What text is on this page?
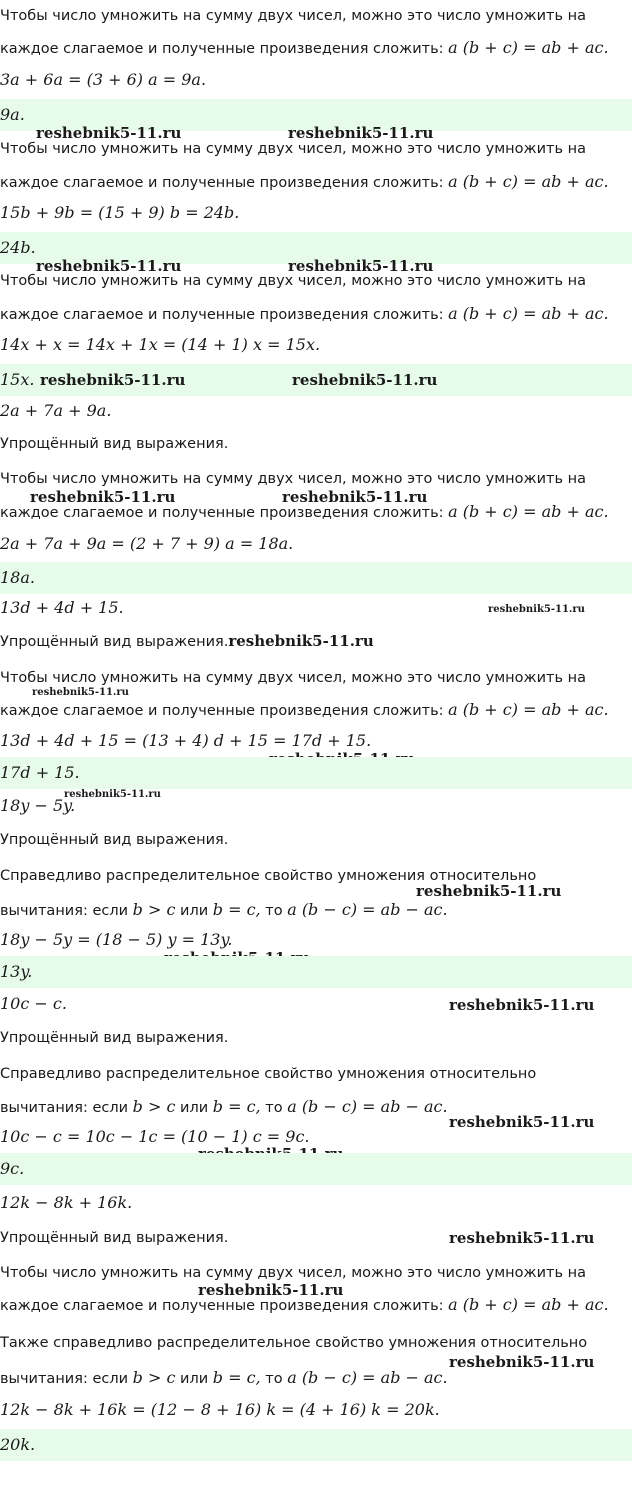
Чтобы число умножить на сумму двух чисел, можно это число умножить на
каждое слагаемое и полученные произведения сложить: a (b + c) = ab + ac.
3a + 6a = (3 + 6) a = 9a.
9a.
reshebnik5-11.ru	reshebnik5-11.ru
Чтобы число умножить на сумму двух чисел, можно это число умножить на
каждое слагаемое и полученные произведения сложить: a (b + c) = ab + ac.
15b + 9b = (15 + 9) b = 24b.
24b.
reshebnik5-11.ru	reshebnik5-11.ru
Чтобы число умножить на сумму двух чисел, можно это число умножить на
каждое слагаемое и полученные произведения сложить: a (b + c) = ab + ac.
14x + x = 14x + 1x = (14 + 1) x = 15x.
15x. reshebnik5-11.ru	reshebnik5-11.ru
2a + 7a + 9a.
Упрощённый вид выражения.
Чтобы число умножить на сумму двух чисел, можно это число умножить на
reshebnik5-11.ru	reshebnik5-11.ru
каждое слагаемое и полученные произведения сложить: a (b + c) = ab + ac.
2a + 7a + 9a = (2 + 7 + 9) a = 18a.
18a.
13d + 4d + 15.	reshebnik5-11.ru
Упрощённый вид выражения.reshebnik5-11.ru
Чтобы число умножить на сумму двух чисел, можно это число умножить на
reshebnik5-11.ru
каждое слагаемое и полученные произведения сложить: a (b + c) = ab + ac.
13d + 4d + 15 = (13 + 4) d + 15 = 17d + 15.
17d + 15.
reshebnik5-11.ru
18y − 5y.
Упрощённый вид выражения.
Справедливо распределительное свойство умножения относительно
reshebnik5-11.ru
вычитания: если b > c или b = c, то a (b − c) = ab − ac.
18y − 5y = (18 − 5) y = 13y.
13y.
10c − c.	reshebnik5-11.ru
Упрощённый вид выражения.
Справедливо распределительное свойство умножения относительно
вычитания: если b > c или b = c, то a (b − c) = ab − ac.
reshebnik5-11.ru
10c − c = 10c − 1c = (10 − 1) c = 9c.
9c.
12k − 8k + 16k.
Упрощённый вид выражения.	reshebnik5-11.ru
Чтобы число умножить на сумму двух чисел, можно это число умножить на
reshebnik5-11.ru
каждое слагаемое и полученные произведения сложить: a (b + c) = ab + ac.
Также справедливо распределительное свойство умножения относительно
reshebnik5-11.ru
вычитания: если b > c или b = c, то a (b − c) = ab − ac.
12k − 8k + 16k = (12 − 8 + 16) k = (4 + 16) k = 20k.
20k.
